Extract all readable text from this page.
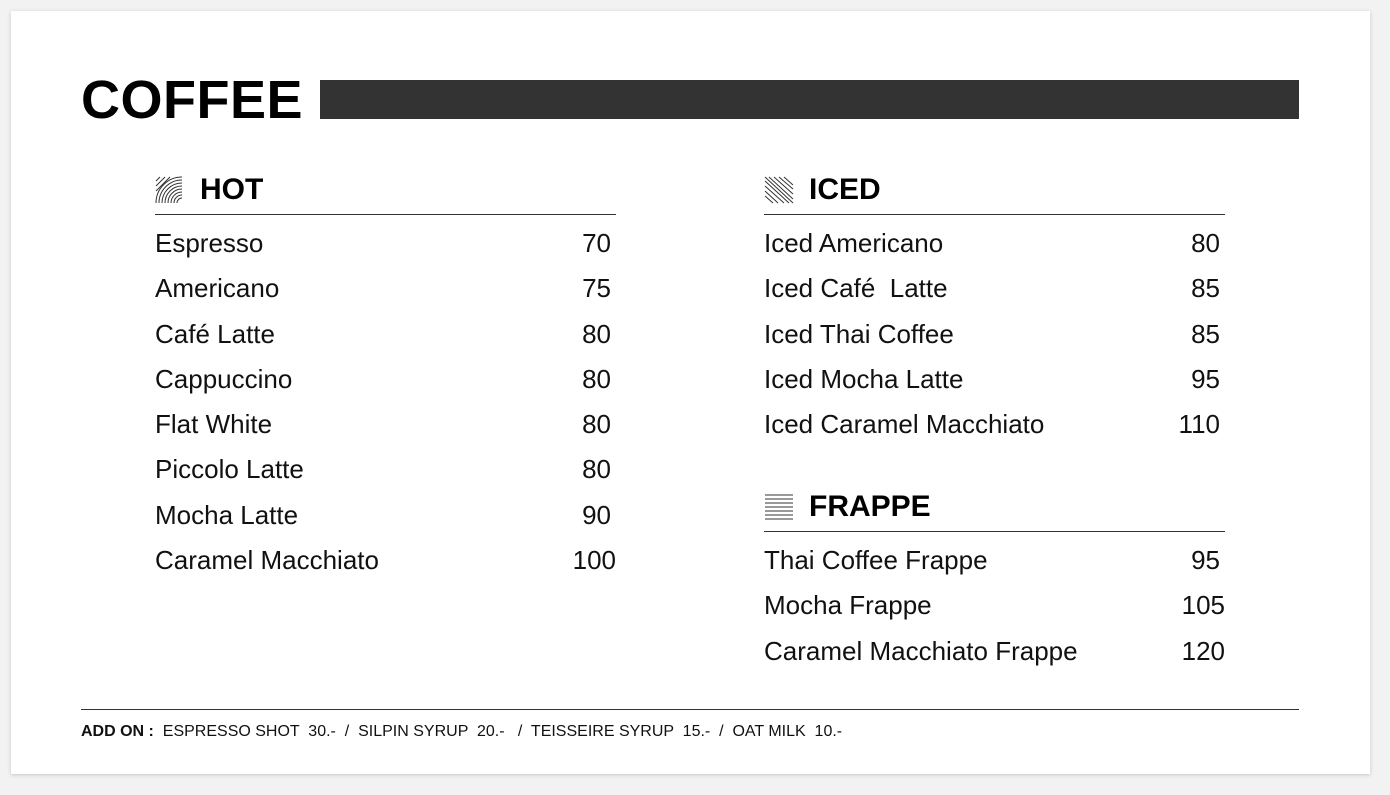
COFFEE
HOT
Espresso	70
Americano	75
Café Latte	80
Cappuccino	80
Flat White	80
Piccolo Latte	80
Mocha Latte	90
Caramel Macchiato	100
ICED
Iced Americano	80
Iced Café  Latte	85
Iced Thai Coffee	85
Iced Mocha Latte	95
Iced Caramel Macchiato	110
FRAPPE
Thai Coffee Frappe	95
Mocha Frappe	105
Caramel Macchiato Frappe	120
ADD ON :  ESPRESSO SHOT  30.-  /  SILPIN SYRUP  20.-   /  TEISSEIRE SYRUP  15.-  /  OAT MILK  10.-
